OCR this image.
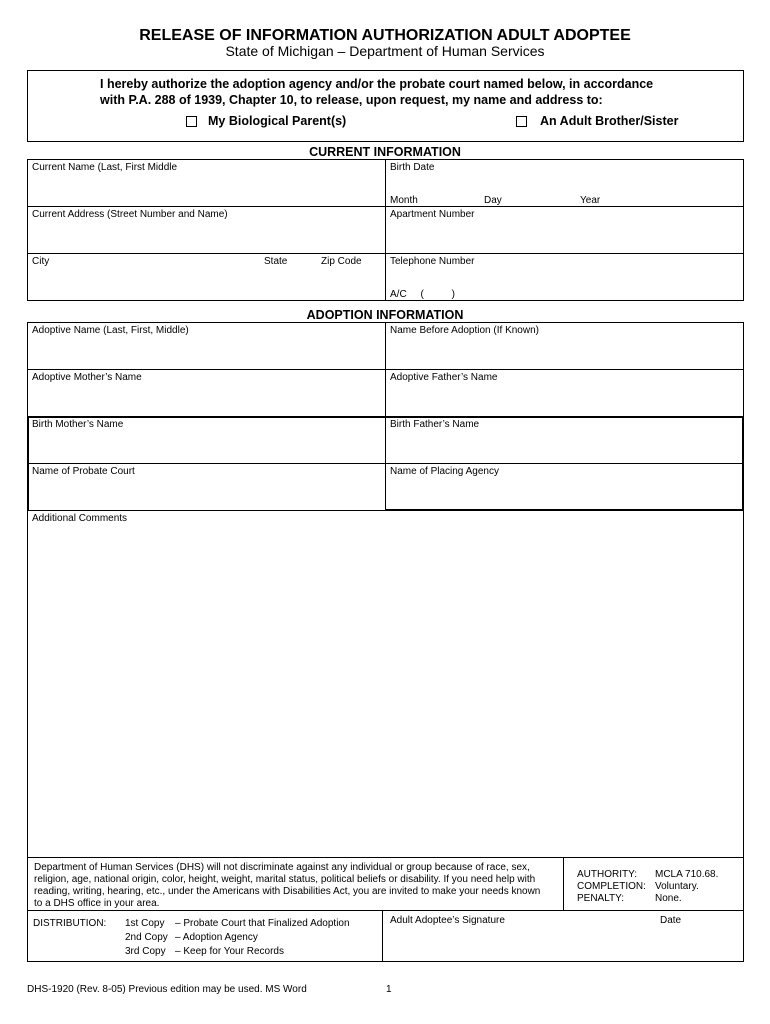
RELEASE OF INFORMATION AUTHORIZATION ADULT ADOPTEE
State of Michigan – Department of Human Services
I hereby authorize the adoption agency and/or the probate court named below, in accordance
with P.A. 288 of 1939, Chapter 10, to release, upon request, my name and address to:
My Biological Parent(s)	An Adult Brother/Sister
CURRENT INFORMATION
Current Name (Last, First Middle	Birth Date
Month	Day	Year
Current Address (Street Number and Name)	Apartment Number
City	State	Zip Code	Telephone Number
A/C     (          )
ADOPTION INFORMATION
Adoptive Name (Last, First, Middle)	Name Before Adoption (If Known)
Adoptive Mother’s Name	Adoptive Father’s Name
Birth Mother’s Name	Birth Father’s Name
Name of Probate Court	Name of Placing Agency
Additional Comments
Department of Human Services (DHS) will not discriminate against any individual or group because of race, sex,
religion, age, national origin, color, height, weight, marital status, political beliefs or disability. If you need help with
reading, writing, hearing, etc., under the Americans with Disabilities Act, you are invited to make your needs known
to a DHS office in your area.
AUTHORITY: MCLA 710.68.
COMPLETION: Voluntary.
PENALTY:	None.
DISTRIBUTION: 1st Copy – Probate Court that Finalized Adoption
2nd Copy – Adoption Agency
3rd Copy – Keep for Your Records
Adult Adoptee’s Signature	Date
DHS-1920 (Rev. 8-05) Previous edition may be used. MS Word	1
